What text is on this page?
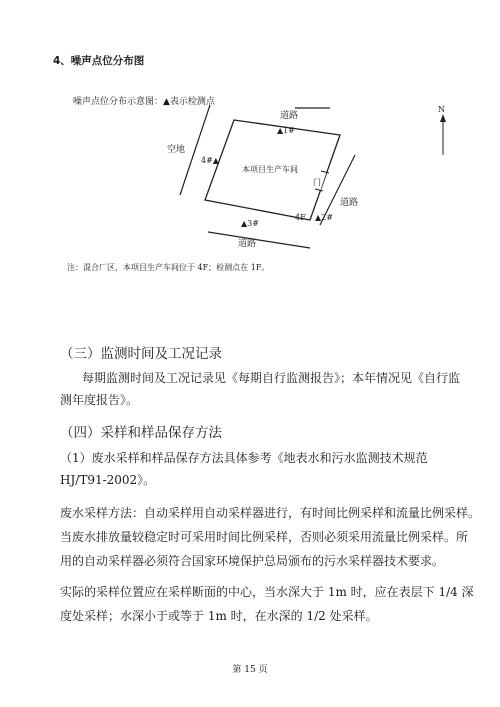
4、噪声点位分布图
噪声点位分布示意图：▲表示检测点
道路
道路
道路
空地
本项目生产车间
门
▲1#
▲2#
▲3#
4#▲
4F
N
注：混合厂区，本项目生产车间位于 4F；检测点在 1F。
（三）监测时间及工况记录
每期监测时间及工况记录见《每期自行监测报告》；本年情况见《自行监
测年度报告》。
（四）采样和样品保存方法
（1）废水采样和样品保存方法具体参考《地表水和污水监测技术规范
HJ/T91-2002》。
废水采样方法：自动采样用自动采样器进行，有时间比例采样和流量比例采样。
当废水排放量较稳定时可采用时间比例采样，否则必须采用流量比例采样。所
用的自动采样器必须符合国家环境保护总局颁布的污水采样器技术要求。
实际的采样位置应在采样断面的中心，当水深大于 1m 时，应在表层下 1/4 深
度处采样；水深小于或等于 1m 时，在水深的 1/2 处采样。
第 15 页
